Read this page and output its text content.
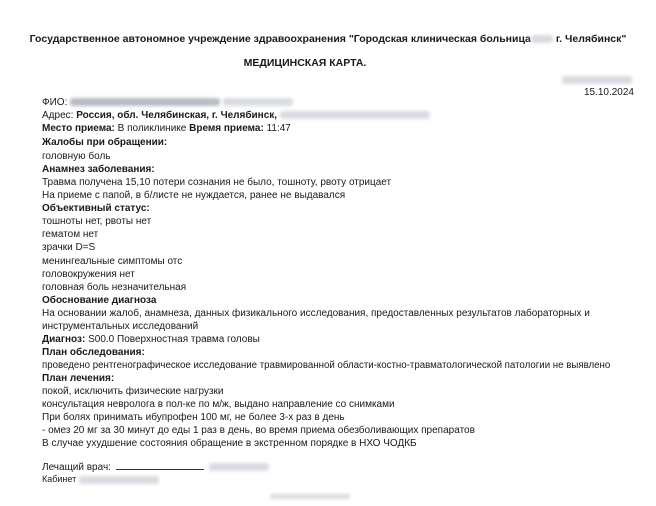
Государственное автономное учреждение здравоохранения "Городская клиническая больница г. Челябинск"
МЕДИЦИНСКАЯ КАРТА.
15.10.2024
ФИО:
Адрес: Россия, обл. Челябинская, г. Челябинск,
Место приема: В поликлинике Время приема: 11:47
Жалобы при обращении:
головную боль
Анамнез заболевания:
Травма получена 15,10 потери сознания не было, тошноту, рвоту отрицает
На приеме с папой, в б/листе не нуждается, ранее не выдавался
Объективный статус:
тошноты нет, рвоты нет
гематом нет
зрачки D=S
менингеальные симптомы отс
головокружения нет
головная боль незначительная
Обоснование диагноза
На основании жалоб, анамнеза, данных физикального исследования, предоставленных результатов лабораторных и
инструментальных исследований
Диагноз: S00.0 Поверхностная травма головы
План обследования:
проведено рентгенографическое исследование травмированной области-костно-травматологической патологии не выявлено
План лечения:
покой, исключить физические нагрузки
консультация невролога в пол-ке по м/ж, выдано направление со снимками
При болях принимать ибупрофен 100 мг, не более 3-х раз в день
- омез 20 мг за 30 минут до еды 1 раз в день, во время приема обезболивающих препаратов
В случае ухудшение состояния обращение в экстренном порядке в НХО ЧОДКБ
Лечащий врач:
Кабинет
